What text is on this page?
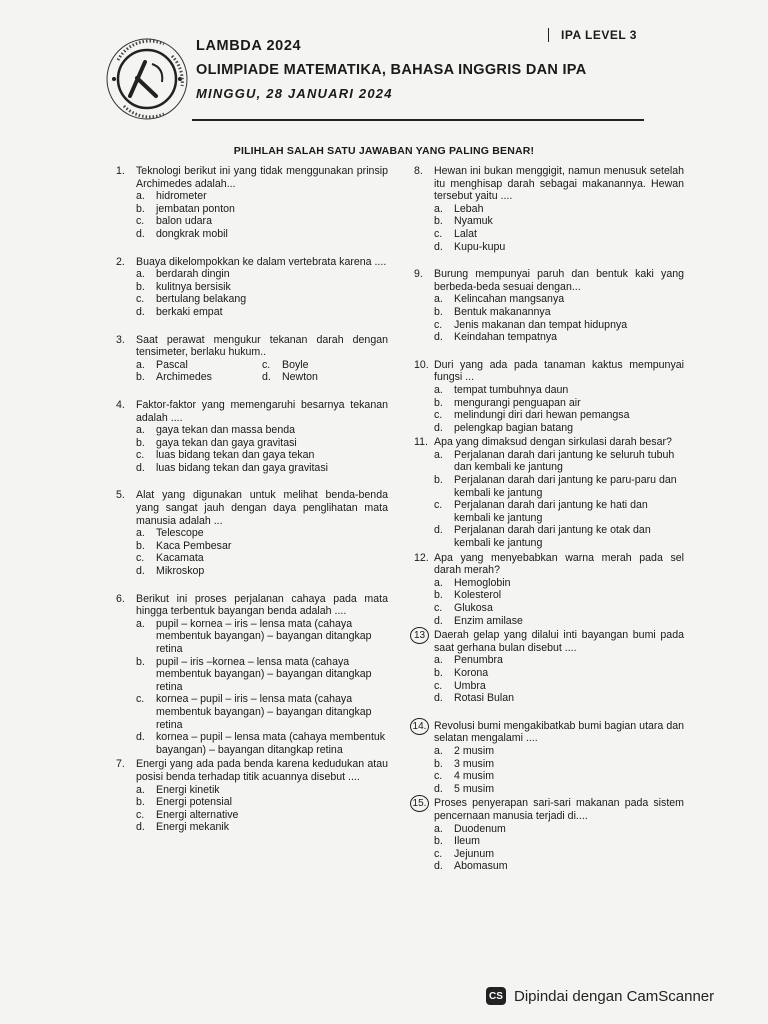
IPA LEVEL 3
LAMBDA 2024
OLIMPIADE MATEMATIKA, BAHASA INGGRIS DAN IPA
MINGGU, 28 JANUARI 2024
PILIHLAH SALAH SATU JAWABAN YANG PALING BENAR!
1. Teknologi berikut ini yang tidak menggunakan prinsip Archimedes adalah...
a. hidrometer
b. jembatan ponton
c. balon udara
d. dongkrak mobil
2. Buaya dikelompokkan ke dalam vertebrata karena ....
a. berdarah dingin
b. kulitnya bersisik
c. bertulang belakang
d. berkaki empat
3. Saat perawat mengukur tekanan darah dengan tensimeter, berlaku hukum..
a. Pascal	c. Boyle
b. Archimedes	d. Newton
4. Faktor-faktor yang memengaruhi besarnya tekanan adalah ....
a. gaya tekan dan massa benda
b. gaya tekan dan gaya gravitasi
c. luas bidang tekan dan gaya tekan
d. luas bidang tekan dan gaya gravitasi
5. Alat yang digunakan untuk melihat benda-benda yang sangat jauh dengan daya penglihatan mata manusia adalah ...
a. Telescope
b. Kaca Pembesar
c. Kacamata
d. Mikroskop
6. Berikut ini proses perjalanan cahaya pada mata hingga terbentuk bayangan benda adalah ....
a. pupil – kornea – iris – lensa mata (cahaya membentuk bayangan) – bayangan ditangkap retina
b. pupil – iris –kornea – lensa mata (cahaya membentuk bayangan) – bayangan ditangkap retina
c. kornea – pupil – iris – lensa mata (cahaya membentuk bayangan) – bayangan ditangkap retina
d. kornea – pupil – lensa mata (cahaya membentuk bayangan) – bayangan ditangkap retina
7. Energi yang ada pada benda karena kedudukan atau posisi benda terhadap titik acuannya disebut ....
a. Energi kinetik
b. Energi potensial
c. Energi alternative
d. Energi mekanik
8. Hewan ini bukan menggigit, namun menusuk setelah itu menghisap darah sebagai makanannya. Hewan tersebut yaitu ....
a. Lebah
b. Nyamuk
c. Lalat
d. Kupu-kupu
9. Burung mempunyai paruh dan bentuk kaki yang berbeda-beda sesuai dengan...
a. Kelincahan mangsanya
b. Bentuk makanannya
c. Jenis makanan dan tempat hidupnya
d. Keindahan tempatnya
10. Duri yang ada pada tanaman kaktus mempunyai fungsi ...
a. tempat tumbuhnya daun
b. mengurangi penguapan air
c. melindungi diri dari hewan pemangsa
d. pelengkap bagian batang
11. Apa yang dimaksud dengan sirkulasi darah besar?
a. Perjalanan darah dari jantung ke seluruh tubuh dan kembali ke jantung
b. Perjalanan darah dari jantung ke paru-paru dan kembali ke jantung
c. Perjalanan darah dari jantung ke hati dan kembali ke jantung
d. Perjalanan darah dari jantung ke otak dan kembali ke jantung
12. Apa yang menyebabkan warna merah pada sel darah merah?
a. Hemoglobin
b. Kolesterol
c. Glukosa
d. Enzim amilase
13 Daerah gelap yang dilalui inti bayangan bumi pada saat gerhana bulan disebut ....
a. Penumbra
b. Korona
c. Umbra
d. Rotasi Bulan
14. Revolusi bumi mengakibatkab bumi bagian utara dan selatan mengalami ....
a. 2 musim
b. 3 musim
c. 4 musim
d. 5 musim
15. Proses penyerapan sari-sari makanan pada sistem pencernaan manusia terjadi di....
a. Duodenum
b. Ileum
c. Jejunum
d. Abomasum
CS Dipindai dengan CamScanner
